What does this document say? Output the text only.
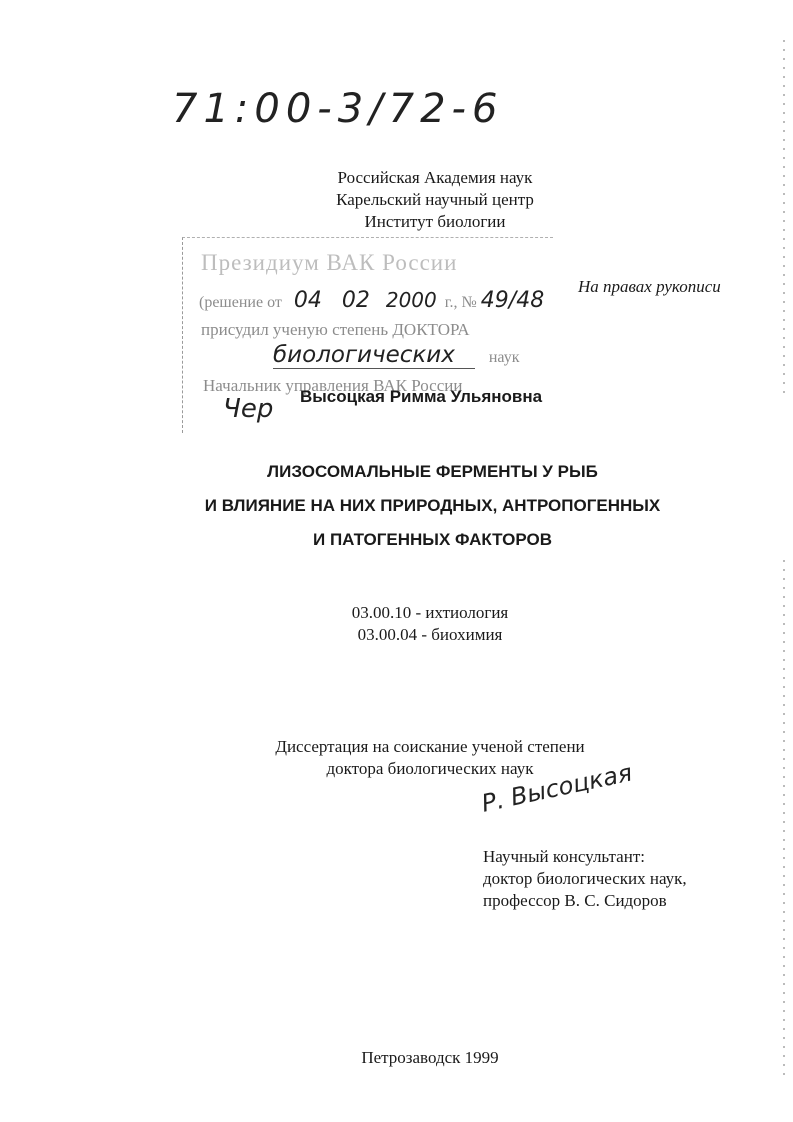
71:00-3/72-6
Российская Академия наук
Карельский научный центр
Институт биологии
Президиум ВАК России
(решение от 04 02 2000 г., № 49/48
присудил ученую степень ДОКТОРА
биологических наук
Начальник управления ВАК России
Чер
На правах рукописи
Высоцкая Римма Ульяновна
ЛИЗОСОМАЛЬНЫЕ ФЕРМЕНТЫ У РЫБ
И ВЛИЯНИЕ НА НИХ ПРИРОДНЫХ, АНТРОПОГЕННЫХ
И ПАТОГЕННЫХ ФАКТОРОВ
03.00.10 - ихтиология
03.00.04 - биохимия
Диссертация на соискание ученой степени
доктора биологических наук
Р. Высоцкая
Научный консультант:
доктор биологических наук,
профессор В. С. Сидоров
Петрозаводск 1999
